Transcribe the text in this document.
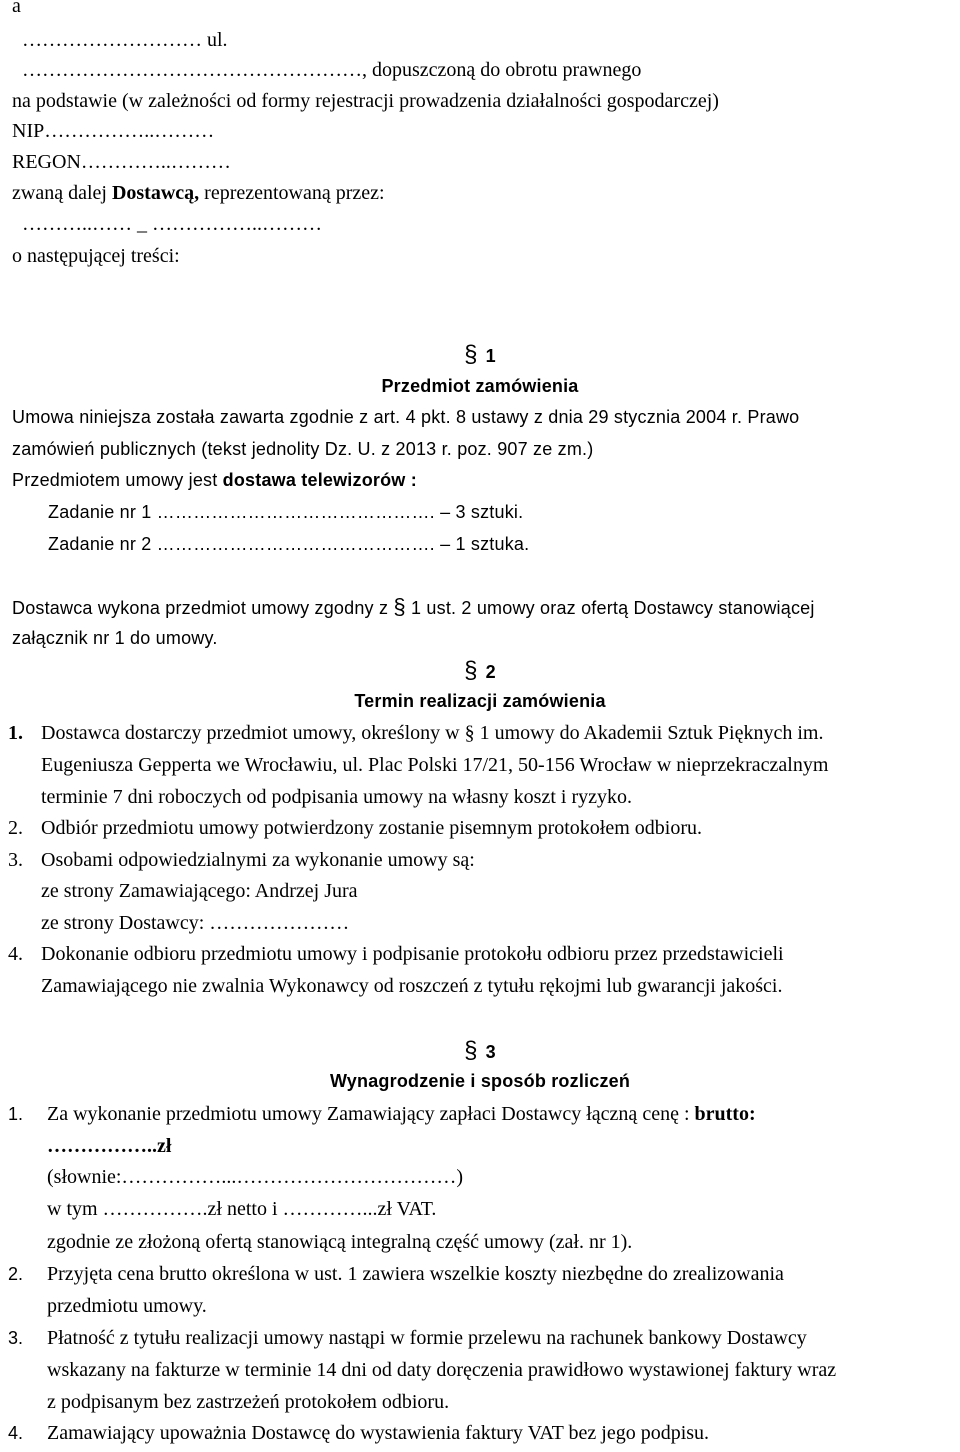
a
……………………… ul.
……………………………………………, dopuszczoną do obrotu prawnego
na podstawie (w zależności od formy rejestracji prowadzenia działalności gospodarczej)
NIP……………..………
REGON…………..………
zwaną dalej Dostawcą, reprezentowaną przez:
………..…… _ ……………..………
o następującej treści:
§ 1
Przedmiot zamówienia
Umowa niniejsza została zawarta zgodnie z art. 4 pkt. 8 ustawy z dnia 29 stycznia 2004 r. Prawo
zamówień publicznych (tekst jednolity Dz. U. z 2013 r. poz. 907 ze zm.)
Przedmiotem umowy jest dostawa telewizorów :
Zadanie nr 1 ………………………………………. – 3 sztuki.
Zadanie nr 2 ………………………………………. – 1 sztuka.
Dostawca wykona przedmiot umowy zgodny z § 1 ust. 2 umowy oraz ofertą Dostawcy stanowiącej
załącznik nr 1 do umowy.
§ 2
Termin realizacji zamówienia
1. Dostawca dostarczy przedmiot umowy, określony w § 1 umowy do Akademii Sztuk Pięknych im.
Eugeniusza Gepperta we Wrocławiu, ul. Plac Polski 17/21, 50-156 Wrocław w nieprzekraczalnym
terminie 7 dni roboczych od podpisania umowy na własny koszt i ryzyko.
2. Odbiór przedmiotu umowy potwierdzony zostanie pisemnym protokołem odbioru.
3. Osobami odpowiedzialnymi za wykonanie umowy są:
ze strony Zamawiającego: Andrzej Jura
ze strony Dostawcy: …………………
4. Dokonanie odbioru przedmiotu umowy i podpisanie protokołu odbioru przez przedstawicieli
Zamawiającego nie zwalnia Wykonawcy od roszczeń z tytułu rękojmi lub gwarancji jakości.
§ 3
Wynagrodzenie i sposób rozliczeń
1. Za wykonanie przedmiotu umowy Zamawiający zapłaci Dostawcy łączną cenę : brutto:
……………..zł
(słownie:……………...……………………………)
w tym …………….zł netto i …………...zł VAT.
zgodnie ze złożoną ofertą stanowiącą integralną część umowy (zał. nr 1).
2. Przyjęta cena brutto określona w ust. 1 zawiera wszelkie koszty niezbędne do zrealizowania
przedmiotu umowy.
3. Płatność z tytułu realizacji umowy nastąpi w formie przelewu na rachunek bankowy Dostawcy
wskazany na fakturze w terminie 14 dni od daty doręczenia prawidłowo wystawionej faktury wraz
z podpisanym bez zastrzeżeń protokołem odbioru.
4. Zamawiający upoważnia Dostawcę do wystawienia faktury VAT bez jego podpisu.
